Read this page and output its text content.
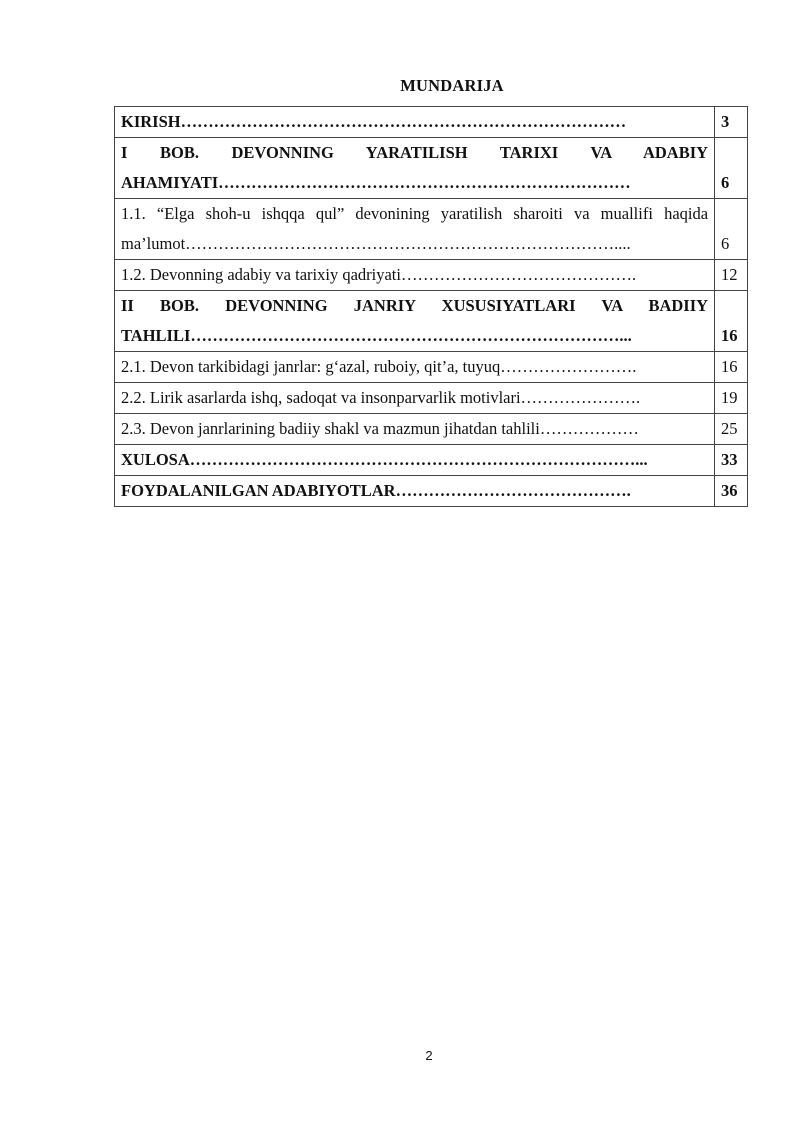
MUNDARIJA
KIRISH………………………………………………………………………	3
I BOB. DEVONNING YARATILISH TARIXI VA ADABIY AHAMIYATI…………………………………………………………………	6
1.1. “Elga shoh-u ishqqa qul” devonining yaratilish sharoiti va muallifi haqida ma’lumot……………………………………………………………………....	6
1.2. Devonning adabiy va tarixiy qadriyati…………………………………….	12
II BOB. DEVONNING JANRIY XUSUSIYATLARI VA BADIIY TAHLILI……………………………………………………………………...	16
2.1. Devon tarkibidagi janrlar: g‘azal, ruboiy, qit’a, tuyuq…………………….	16
2.2. Lirik asarlarda ishq, sadoqat va insonparvarlik motivlari………………….	19
2.3. Devon janrlarining badiiy shakl va mazmun jihatdan tahlili………………	25
XULOSA………………………………………………………………………...	33
FOYDALANILGAN ADABIYOTLAR…………………………………….	36
2
